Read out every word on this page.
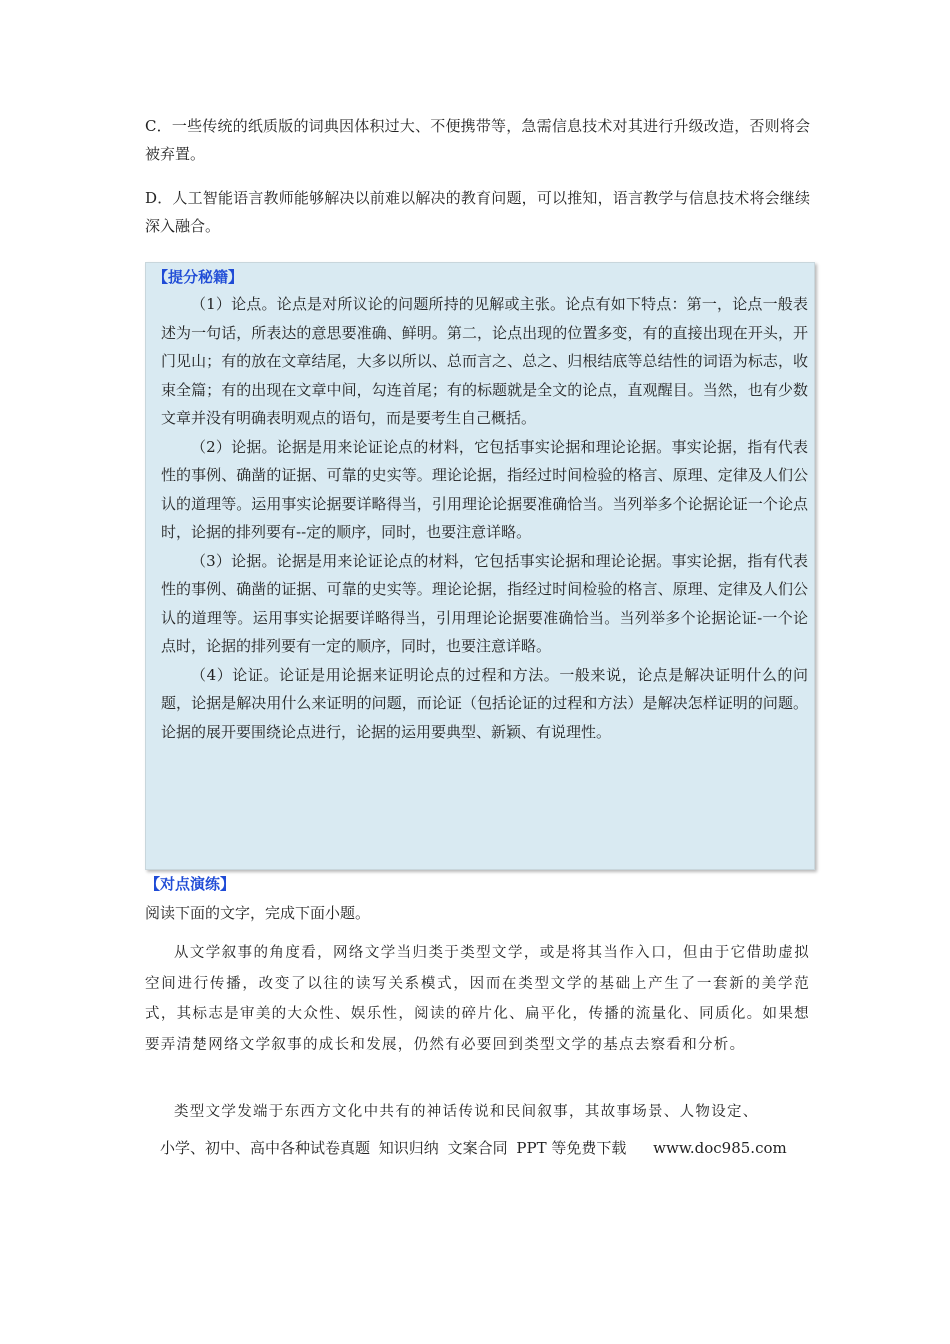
C．一些传统的纸质版的词典因体积过大、不便携带等，急需信息技术对其进行升级改造，否则将会被弃置。

D．人工智能语言教师能够解决以前难以解决的教育问题，可以推知，语言教学与信息技术将会继续深入融合。

【提分秘籍】

（1）论点。论点是对所议论的问题所持的见解或主张。论点有如下特点：第一，论点一般表述为一句话，所表达的意思要准确、鲜明。第二，论点出现的位置多变，有的直接出现在开头，开门见山；有的放在文章结尾，大多以所以、总而言之、总之、归根结底等总结性的词语为标志，收束全篇；有的出现在文章中间，勾连首尾；有的标题就是全文的论点，直观醒目。当然，也有少数文章并没有明确表明观点的语句，而是要考生自己概括。

（2）论据。论据是用来论证论点的材料，它包括事实论据和理论论据。事实论据，指有代表性的事例、确凿的证据、可靠的史实等。理论论据，指经过时间检验的格言、原理、定律及人们公认的道理等。运用事实论据要详略得当，引用理论论据要准确恰当。当列举多个论据论证一个论点时，论据的排列要有--定的顺序，同时，也要注意详略。

（3）论据。论据是用来论证论点的材料，它包括事实论据和理论论据。事实论据，指有代表性的事例、确凿的证据、可靠的史实等。理论论据，指经过时间检验的格言、原理、定律及人们公认的道理等。运用事实论据要详略得当，引用理论论据要准确恰当。当列举多个论据论证-一个论点时，论据的排列要有一定的顺序，同时，也要注意详略。

（4）论证。论证是用论据来证明论点的过程和方法。一般来说，论点是解决证明什么的问题，论据是解决用什么来证明的问题，而论证（包括论证的过程和方法）是解决怎样证明的问题。论据的展开要围绕论点进行，论据的运用要典型、新颖、有说理性。

【对点演练】

阅读下面的文字，完成下面小题。

从文学叙事的角度看，网络文学当归类于类型文学，或是将其当作入口，但由于它借助虚拟空间进行传播，改变了以往的读写关系模式，因而在类型文学的基础上产生了一套新的美学范式，其标志是审美的大众性、娱乐性，阅读的碎片化、扁平化，传播的流量化、同质化。如果想要弄清楚网络文学叙事的成长和发展，仍然有必要回到类型文学的基点去察看和分析。

类型文学发端于东西方文化中共有的神话传说和民间叙事，其故事场景、人物设定、

小学、初中、高中各种试卷真题 知识归纳 文案合同 PPT 等免费下载 www.doc985.com
